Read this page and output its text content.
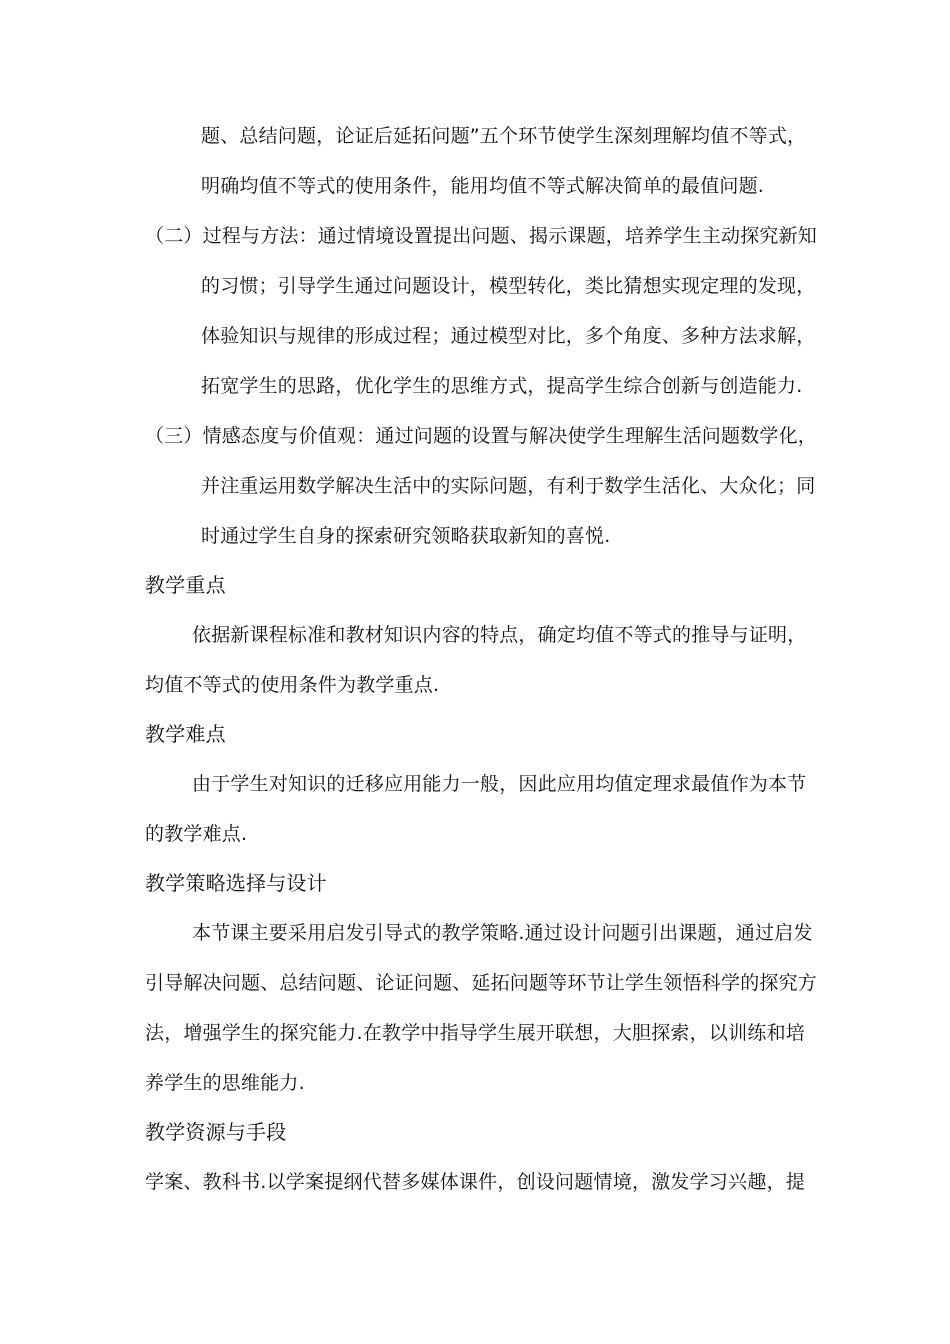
题、总结问题，论证后延拓问题”五个环节使学生深刻理解均值不等式，
明确均值不等式的使用条件，能用均值不等式解决简单的最值问题.
（二）过程与方法：通过情境设置提出问题、揭示课题，培养学生主动探究新知
的习惯；引导学生通过问题设计，模型转化，类比猜想实现定理的发现，
体验知识与规律的形成过程；通过模型对比，多个角度、多种方法求解，
拓宽学生的思路，优化学生的思维方式，提高学生综合创新与创造能力.
（三）情感态度与价值观：通过问题的设置与解决使学生理解生活问题数学化，
并注重运用数学解决生活中的实际问题，有利于数学生活化、大众化；同
时通过学生自身的探索研究领略获取新知的喜悦.
教学重点
依据新课程标准和教材知识内容的特点，确定均值不等式的推导与证明，
均值不等式的使用条件为教学重点.
教学难点
由于学生对知识的迁移应用能力一般，因此应用均值定理求最值作为本节
的教学难点.
教学策略选择与设计
本节课主要采用启发引导式的教学策略.通过设计问题引出课题，通过启发
引导解决问题、总结问题、论证问题、延拓问题等环节让学生领悟科学的探究方
法，增强学生的探究能力.在教学中指导学生展开联想，大胆探索，以训练和培
养学生的思维能力.
教学资源与手段
学案、教科书.以学案提纲代替多媒体课件，创设问题情境，激发学习兴趣，提
